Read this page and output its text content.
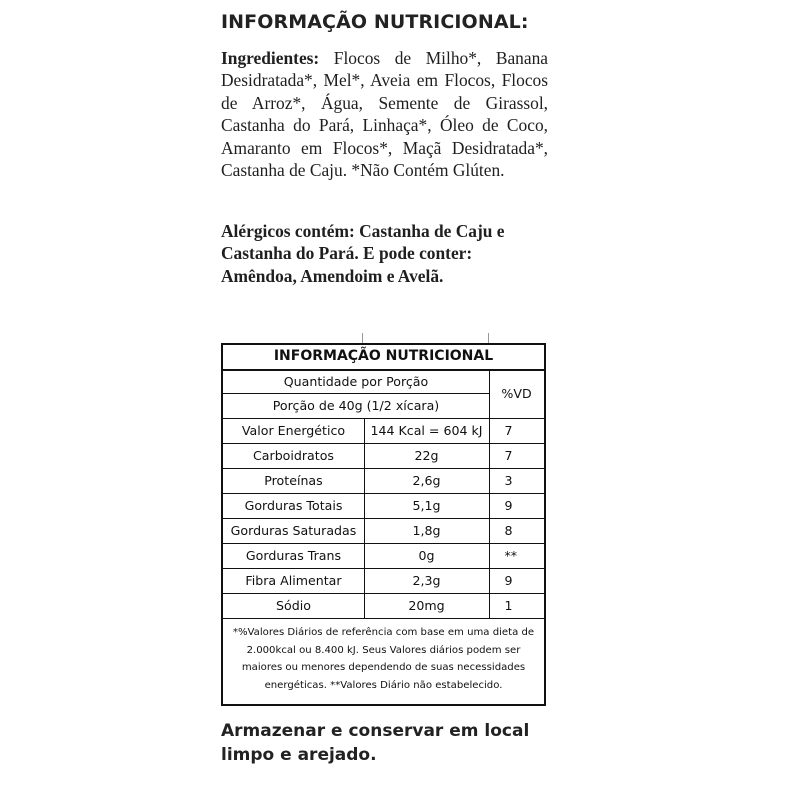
INFORMAÇÃO NUTRICIONAL:
Ingredientes: Flocos de Milho*, Banana Desidratada*, Mel*, Aveia em Flocos, Flocos de Arroz*, Água, Semente de Girassol, Castanha do Pará, Linhaça*, Óleo de Coco, Amaranto em Flocos*, Maçã Desidratada*, Castanha de Caju. *Não Contém Glúten.
Alérgicos contém: Castanha de Caju e Castanha do Pará. E pode conter: Amêndoa, Amendoim e Avelã.
INFORMAÇÃO NUTRICIONAL
Quantidade por Porção
Porção de 40g (1/2 xícara)
%VD
Valor Energético	144 Kcal = 604 kJ	7
Carboidratos	22g	7
Proteínas	2,6g	3
Gorduras Totais	5,1g	9
Gorduras Saturadas	1,8g	8
Gorduras Trans	0g	**
Fibra Alimentar	2,3g	9
Sódio	20mg	1
*%Valores Diários de referência com base em uma dieta de 2.000kcal ou 8.400 kJ. Seus Valores diários podem ser maiores ou menores dependendo de suas necessidades energéticas. **Valores Diário não estabelecido.
Armazenar e conservar em local limpo e arejado.
